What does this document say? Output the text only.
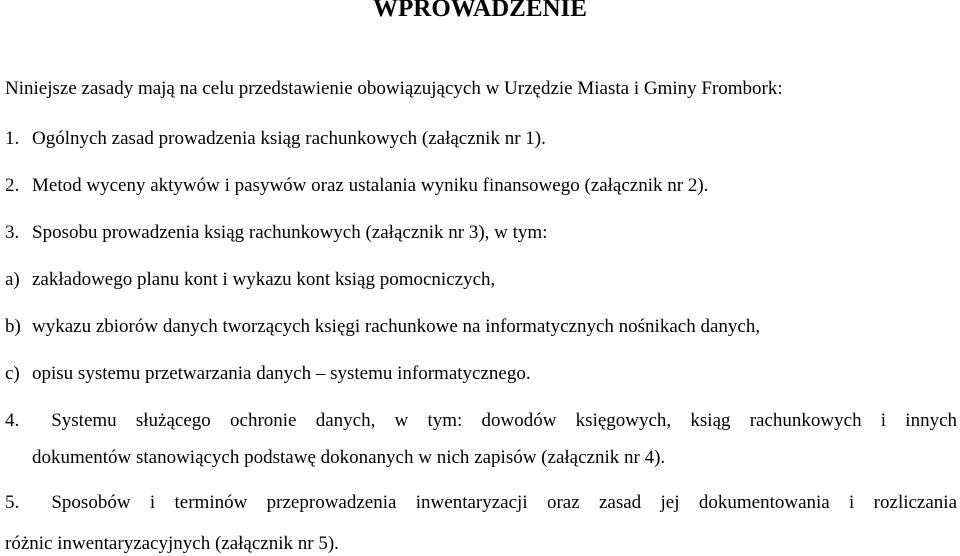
WPROWADZENIE
Niniejsze zasady mają na celu przedstawienie obowiązujących w Urzędzie Miasta i Gminy Frombork:
1. Ogólnych zasad prowadzenia ksiąg rachunkowych (załącznik nr 1).
2. Metod wyceny aktywów i pasywów oraz ustalania wyniku finansowego (załącznik nr 2).
3. Sposobu prowadzenia ksiąg rachunkowych (załącznik nr 3), w tym:
a) zakładowego planu kont i wykazu kont ksiąg pomocniczych,
b) wykazu zbiorów danych tworzących księgi rachunkowe na informatycznych nośnikach danych,
c) opisu systemu przetwarzania danych – systemu informatycznego.
4. Systemu służącego ochronie danych, w tym: dowodów księgowych, ksiąg rachunkowych i innych
dokumentów stanowiących podstawę dokonanych w nich zapisów (załącznik nr 4).
5. Sposobów i terminów przeprowadzenia inwentaryzacji oraz zasad jej dokumentowania i rozliczania
różnic inwentaryzacyjnych (załącznik nr 5).
